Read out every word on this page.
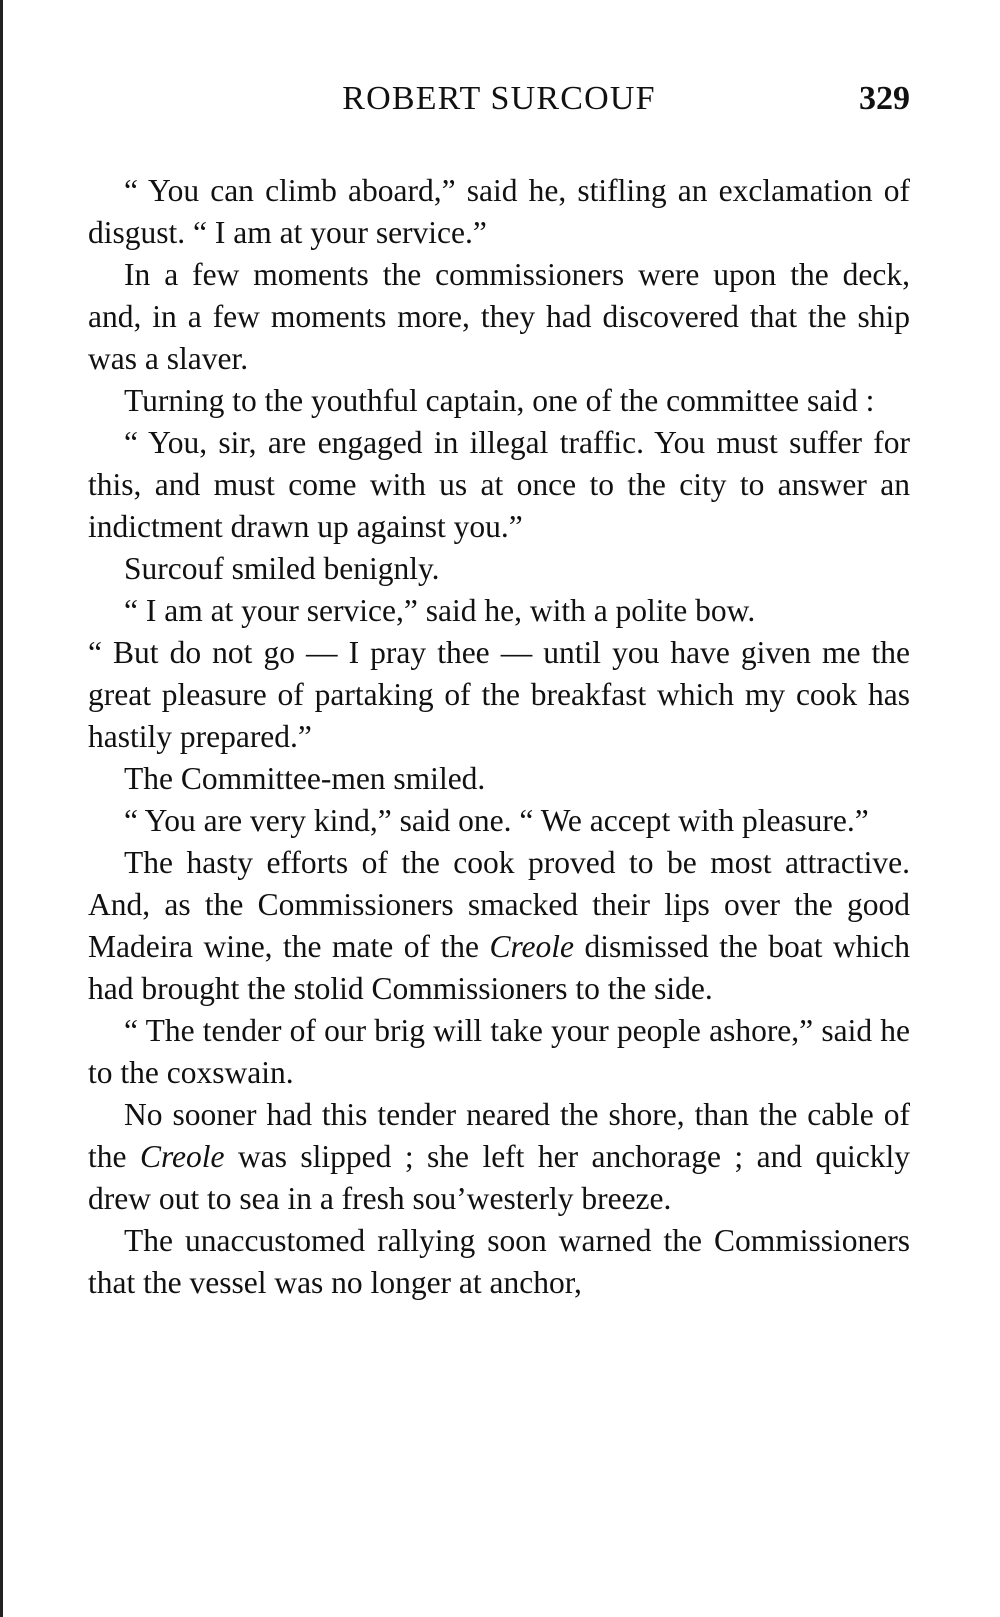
ROBERT SURCOUF	329

“ You can climb aboard,” said he, stifling an exclamation of disgust. “ I am at your service.”

In a few moments the commissioners were upon the deck, and, in a few moments more, they had discovered that the ship was a slaver.

Turning to the youthful captain, one of the committee said :

“ You, sir, are engaged in illegal traffic. You must suffer for this, and must come with us at once to the city to answer an indictment drawn up against you.”

Surcouf smiled benignly.

“ I am at your service,” said he, with a polite bow.

“ But do not go — I pray thee — until you have given me the great pleasure of partaking of the breakfast which my cook has hastily prepared.”

The Committee-men smiled.

“ You are very kind,” said one. “ We accept with pleasure.”

The hasty efforts of the cook proved to be most attractive. And, as the Commissioners smacked their lips over the good Madeira wine, the mate of the Creole dismissed the boat which had brought the stolid Commissioners to the side.

“ The tender of our brig will take your people ashore,” said he to the coxswain.

No sooner had this tender neared the shore, than the cable of the Creole was slipped ; she left her anchorage ; and quickly drew out to sea in a fresh sou’westerly breeze.

The unaccustomed rallying soon warned the Commissioners that the vessel was no longer at anchor,
